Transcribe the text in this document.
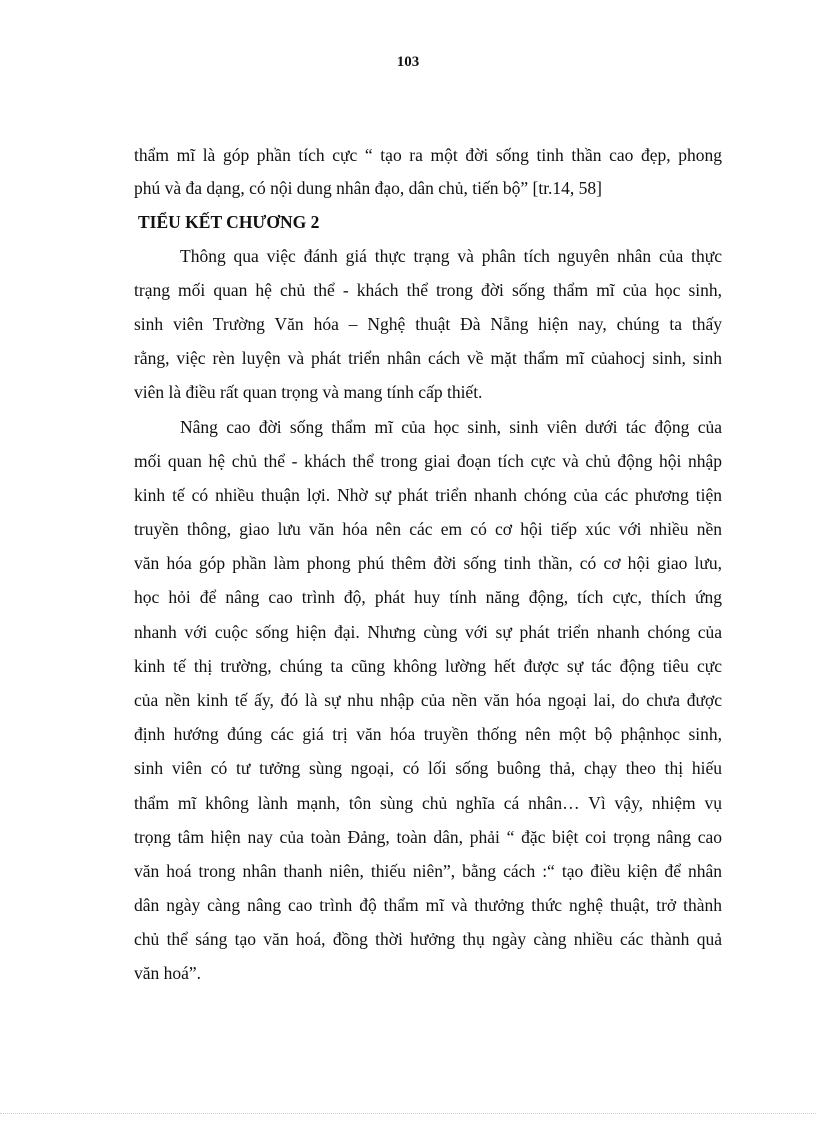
103
thẩm mĩ là góp phần tích cực “ tạo ra một đời sống tinh thần cao đẹp, phong
phú và đa dạng, có nội dung nhân đạo, dân chủ, tiến bộ” [tr.14, 58]
TIỂU KẾT CHƯƠNG 2
Thông qua việc đánh giá thực trạng và phân tích nguyên nhân của thực
trạng mối quan hệ chủ thể - khách thể trong đời sống thẩm mĩ của học sinh,
sinh viên Trường Văn hóa – Nghệ thuật Đà Nẵng hiện nay, chúng ta thấy
rằng, việc rèn luyện và phát triển nhân cách về mặt thẩm mĩ củahocj sinh, sinh
viên là điều rất quan trọng và mang tính cấp thiết.
Nâng cao đời sống thẩm mĩ của học sinh, sinh viên dưới tác động của
mối quan hệ chủ thể - khách thể trong giai đoạn tích cực và chủ động hội nhập
kinh tế có nhiều thuận lợi. Nhờ sự phát triển nhanh chóng của các phương tiện
truyền thông, giao lưu văn hóa nên các em có cơ hội tiếp xúc với nhiều nền
văn hóa góp phần làm phong phú thêm đời sống tinh thần, có cơ hội giao lưu,
học hỏi để nâng cao trình độ, phát huy tính năng động, tích cực, thích ứng
nhanh với cuộc sống hiện đại. Nhưng cùng với sự phát triển nhanh chóng của
kinh tế thị trường, chúng ta cũng không lường hết được sự tác động tiêu cực
của nền kinh tế ấy, đó là sự nhu nhập của nền văn hóa ngoại lai, do chưa được
định hướng đúng các giá trị văn hóa truyền thống nên một bộ phậnhọc sinh,
sinh viên có tư tưởng sùng ngoại, có lối sống buông thả, chạy theo thị hiếu
thẩm mĩ không lành mạnh, tôn sùng chủ nghĩa cá nhân… Vì vậy, nhiệm vụ
trọng tâm hiện nay của toàn Đảng, toàn dân, phải “ đặc biệt coi trọng nâng cao
văn hoá trong nhân thanh niên, thiếu niên”, bằng cách :“ tạo điều kiện để nhân
dân ngày càng nâng cao trình độ thẩm mĩ và thưởng thức nghệ thuật, trở thành
chủ thể sáng tạo văn hoá, đồng thời hưởng thụ ngày càng nhiều các thành quả
văn hoá”.
